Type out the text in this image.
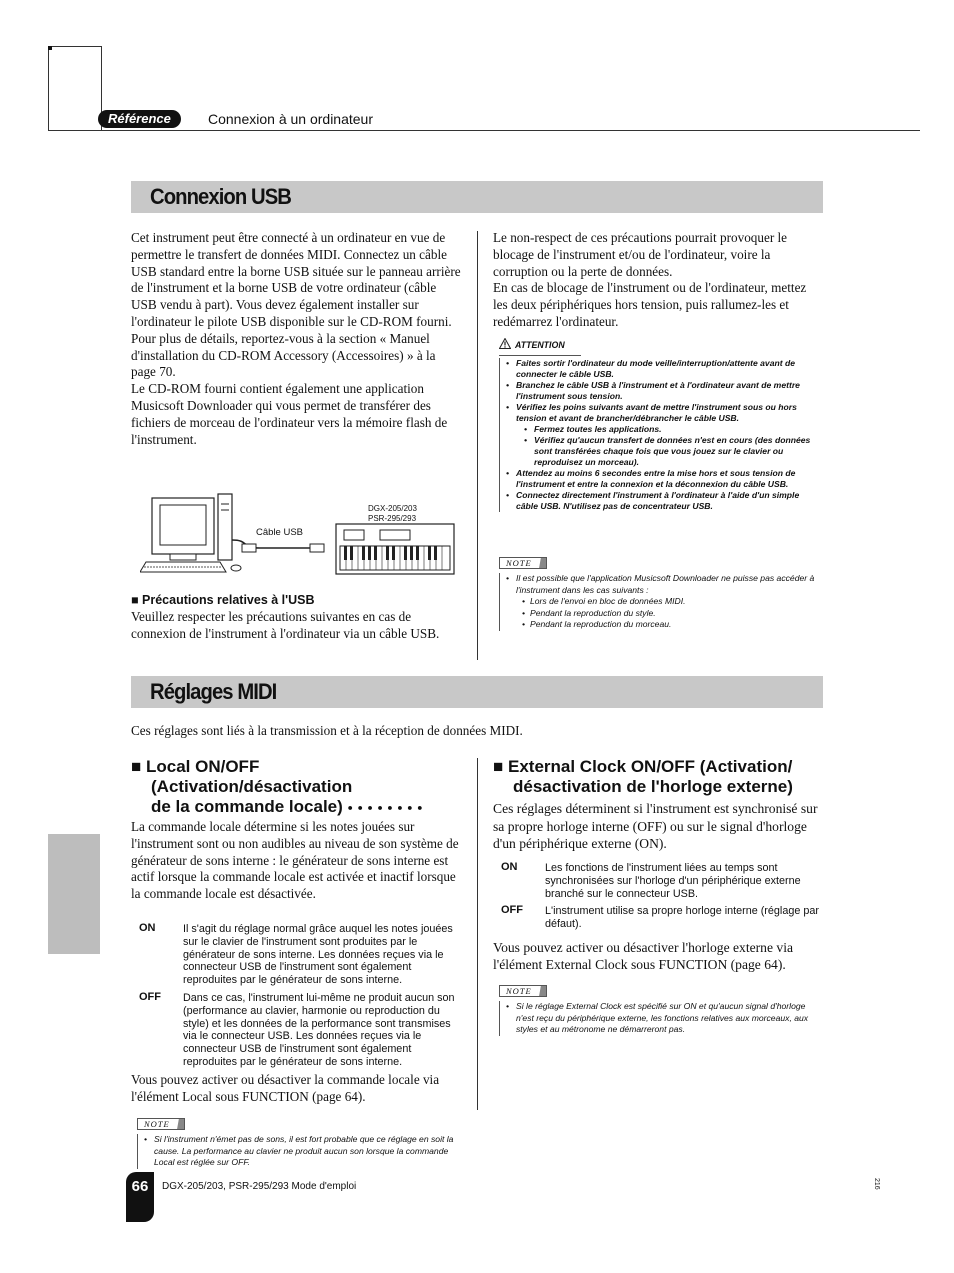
Référence	Connexion à un ordinateur
Connexion USB
Cet instrument peut être connecté à un ordinateur en vue de permettre le transfert de données MIDI. Connectez un câble USB standard entre la borne USB située sur le panneau arrière de l'instrument et la borne USB de votre ordinateur (câble USB vendu à part). Vous devez également installer sur l'ordinateur le pilote USB disponible sur le CD-ROM fourni. Pour plus de détails, reportez-vous à la section « Manuel d'installation du CD-ROM Accessory (Accessoires) » à la page 70.
Le CD-ROM fourni contient également une application Musicsoft Downloader qui vous permet de transférer des fichiers de morceau de l'ordinateur vers la mémoire flash de l'instrument.
Câble USB
DGX-205/203
PSR-295/293
■ Précautions relatives à l'USB
Veuillez respecter les précautions suivantes en cas de connexion de l'instrument à l'ordinateur via un câble USB.
Le non-respect de ces précautions pourrait provoquer le blocage de l'instrument et/ou de l'ordinateur, voire la corruption ou la perte de données.
En cas de blocage de l'instrument ou de l'ordinateur, mettez les deux périphériques hors tension, puis rallumez-les et redémarrez l'ordinateur.
ATTENTION
• Faites sortir l'ordinateur du mode veille/interruption/attente avant de connecter le câble USB.
• Branchez le câble USB à l'instrument et à l'ordinateur avant de mettre l'instrument sous tension.
• Vérifiez les poins suivants avant de mettre l'instrument sous ou hors tension et avant de brancher/débrancher le câble USB.
• Fermez toutes les applications.
• Vérifiez qu'aucun transfert de données n'est en cours (des données sont transférées chaque fois que vous jouez sur le clavier ou reproduisez un morceau).
• Attendez au moins 6 secondes entre la mise hors et sous tension de l'instrument et entre la connexion et la déconnexion du câble USB.
• Connectez directement l'instrument à l'ordinateur à l'aide d'un simple câble USB. N'utilisez pas de concentrateur USB.
NOTE
• Il est possible que l'application Musicsoft Downloader ne puisse pas accéder à l'instrument dans les cas suivants :
• Lors de l'envoi en bloc de données MIDI.
• Pendant la reproduction du style.
• Pendant la reproduction du morceau.
Réglages MIDI
Ces réglages sont liés à la transmission et à la réception de données MIDI.
■ Local ON/OFF
(Activation/désactivation
de la commande locale) ● ● ● ● ● ● ● ●
La commande locale détermine si les notes jouées sur l'instrument sont ou non audibles au niveau de son système de générateur de sons interne : le générateur de sons interne est actif lorsque la commande locale est activée et inactif lorsque la commande locale est désactivée.
ON	Il s'agit du réglage normal grâce auquel les notes jouées sur le clavier de l'instrument sont produites par le générateur de sons interne. Les données reçues via le connecteur USB de l'instrument sont également reproduites par le générateur de sons interne.
OFF Dans ce cas, l'instrument lui-même ne produit aucun son (performance au clavier, harmonie ou reproduction du style) et les données de la performance sont transmises via le connecteur USB. Les données reçues via le connecteur USB de l'instrument sont également reproduites par le générateur de sons interne.
Vous pouvez activer ou désactiver la commande locale via l'élément Local sous FUNCTION (page 64).
NOTE
• Si l'instrument n'émet pas de sons, il est fort probable que ce réglage en soit la cause. La performance au clavier ne produit aucun son lorsque la commande Local est réglée sur OFF.
■ External Clock ON/OFF (Activation/
désactivation de l'horloge externe)
Ces réglages déterminent si l'instrument est synchronisé sur sa propre horloge interne (OFF) ou sur le signal d'horloge d'un périphérique externe (ON).
ON	Les fonctions de l'instrument liées au temps sont synchronisées sur l'horloge d'un périphérique externe branché sur le connecteur USB.
OFF L'instrument utilise sa propre horloge interne (réglage par défaut).
Vous pouvez activer ou désactiver l'horloge externe via l'élément External Clock sous FUNCTION (page 64).
NOTE
• Si le réglage External Clock est spécifié sur ON et qu'aucun signal d'horloge n'est reçu du périphérique externe, les fonctions relatives aux morceaux, aux styles et au métronome ne démarreront pas.
66	DGX-205/203, PSR-295/293 Mode d'emploi	216
